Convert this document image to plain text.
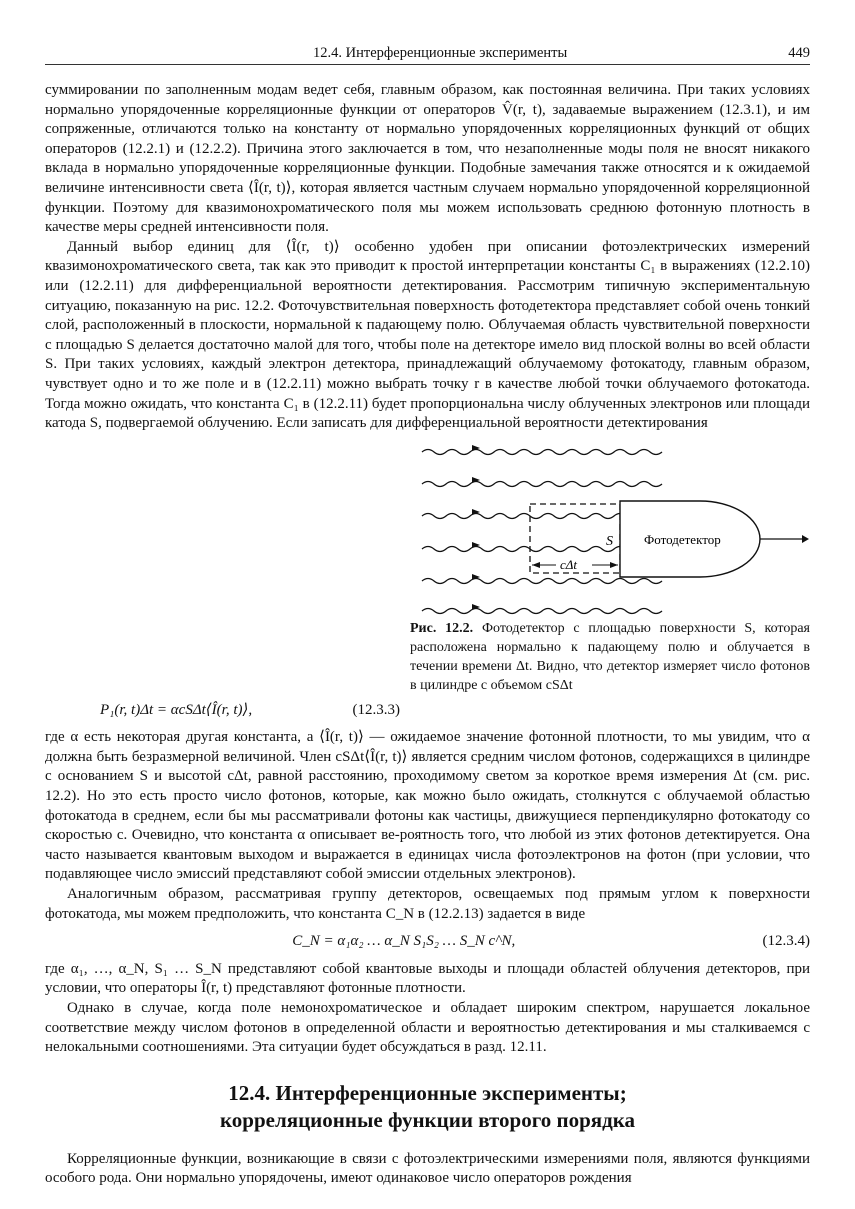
12.4. Интерференционные эксперименты	449

суммировании по заполненным модам ведет себя, главным образом, как постоянная величина. При таких условиях нормально упорядоченные корреляционные функции от операторов V̂(r, t), задаваемые выражением (12.3.1), и им сопряженные, отличаются только на константу от нормально упорядоченных корреляционных функций от общих операторов (12.2.1) и (12.2.2). Причина этого заключается в том, что незаполненные моды поля не вносят никакого вклада в нормально упорядоченные корреляционные функции. Подобные замечания также относятся и к ожидаемой величине интенсивности света ⟨Î(r, t)⟩, которая является частным случаем нормально упорядоченной корреляционной функции. Поэтому для квазимонохроматического поля мы можем использовать среднюю фотонную плотность в качестве меры средней интенсивности поля.

Данный выбор единиц для ⟨Î(r, t)⟩ особенно удобен при описании фотоэлектрических измерений квазимонохроматического света, так как это приводит к простой интерпретации константы C₁ в выражениях (12.2.10) или (12.2.11) для дифференциальной вероятности детектирования. Рассмотрим типичную экспериментальную ситуацию, показанную на рис. 12.2. Фоточувствительная поверхность фотодетектора представляет собой очень тонкий слой, расположенный в плоскости, нормальной к падающему полю. Облучаемая область чувствительной поверхности с площадью S делается достаточно малой для того, чтобы поле на детекторе имело вид плоской волны во всей области S. При таких условиях, каждый электрон детектора, принадлежащий облучаемому фотокатоду, главным образом, чувствует одно и то же поле и в (12.2.11) можно выбрать точку r в качестве любой точки облучаемого фотокатода. Тогда можно ожидать, что константа C₁ в (12.2.11) будет пропорциональна числу облученных электронов или площади катода S, подвергаемой облучению. Если записать для дифференциальной вероятности детектирования

Фотодетектор
S
cΔt
Рис. 12.2. Фотодетектор с площадью поверхности S, которая расположена нормально к падающему полю и облучается в течении времени Δt. Видно, что детектор измеряет число фотонов в цилиндре с объемом cSΔt
P₁(r, t)Δt = αcSΔt⟨Î(r, t)⟩,	(12.3.3)

где α есть некоторая другая константа, а ⟨Î(r, t)⟩ — ожидаемое значение фотонной плотности, то мы увидим, что α должна быть безразмерной величиной. Член cSΔt⟨Î(r, t)⟩ является средним числом фотонов, содержащихся в цилиндре с основанием S и высотой cΔt, равной расстоянию, проходимому светом за короткое время измерения Δt (см. рис. 12.2). Но это есть просто число фотонов, которые, как можно было ожидать, столкнутся с облучаемой областью фотокатода в среднем, если бы мы рассматривали фотоны как частицы, движущиеся перпендикулярно фотокатоду со скоростью c. Очевидно, что константа α описывает ве-роятность того, что любой из этих фотонов детектируется. Она часто называется квантовым выходом и выражается в единицах числа фотоэлектронов на фотон (при условии, что подавляющее число эмиссий представляют собой эмиссии отдельных электронов).

Аналогичным образом, рассматривая группу детекторов, освещаемых под прямым углом к поверхности фотокатода, мы можем предположить, что константа C_N в (12.2.13) задается в виде

C_N = α₁α₂ … α_N S₁S₂ … S_N c^N,	(12.3.4)

где α₁, …, α_N, S₁ … S_N представляют собой квантовые выходы и площади областей облучения детекторов, при условии, что операторы Î(r, t) представляют фотонные плотности.

Однако в случае, когда поле немонохроматическое и обладает широким спектром, нарушается локальное соответствие между числом фотонов в определенной области и вероятностью детектирования и мы сталкиваемся с нелокальными соотношениями. Эта ситуации будет обсуждаться в разд. 12.11.

12.4. Интерференционные эксперименты;
корреляционные функции второго порядка

Корреляционные функции, возникающие в связи с фотоэлектрическими измерениями поля, являются функциями особого рода. Они нормально упорядочены, имеют одинаковое число операторов рождения
